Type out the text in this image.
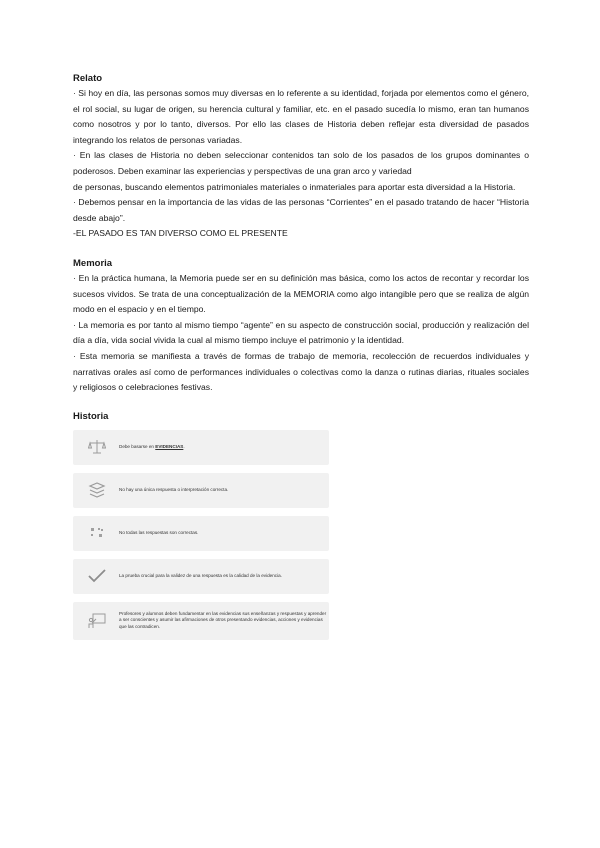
Relato

· Si hoy en día, las personas somos muy diversas en lo referente a su identidad, forjada por elementos como el género, el rol social, su lugar de origen, su herencia cultural y familiar, etc. en el pasado sucedía lo mismo, eran tan humanos como nosotros y por lo tanto, diversos. Por ello las clases de Historia deben reflejar esta diversidad de pasados integrando los relatos de personas variadas.

· En las clases de Historia no deben seleccionar contenidos tan solo de los pasados de los grupos dominantes o poderosos. Deben examinar las experiencias y perspectivas de una gran arco y variedad

de personas, buscando elementos patrimoniales materiales o inmateriales para aportar esta diversidad a la Historia.

· Debemos pensar en la importancia de las vidas de las personas “Corrientes” en el pasado tratando de hacer “Historia desde abajo”.

-EL PASADO ES TAN DIVERSO COMO EL PRESENTE

Memoria

· En la práctica humana, la Memoria puede ser en su definición mas básica, como los actos de recontar y recordar los sucesos vividos. Se trata de una conceptualización de la MEMORIA como algo intangible pero que se realiza de algún modo en el espacio y en el tiempo.

· La memoria es por tanto al mismo tiempo “agente” en su aspecto de construcción social, producción y realización del día a día, vida social vivida la cual al mismo tiempo incluye el patrimonio y la identidad.

· Esta memoria se manifiesta a través de formas de trabajo de memoria, recolección de recuerdos individuales y narrativas orales así como de performances individuales o colectivas como la danza o rutinas diarias, rituales sociales y religiosos o celebraciones festivas.

Historia

Debe basarse en EVIDENCIAS.
No hay una única respuesta o interpretación correcta.
No todas las respuestas son correctas.
La prueba crucial para la validez de una respuesta es la calidad de la evidencia.
Profesores y alumnos deben fundamentar en las evidencias sus enseñanzas y respuestas y aprender a ser conscientes y asumir las afirmaciones de otros presentando evidencias, acciones y evidencias que las contradicen.
